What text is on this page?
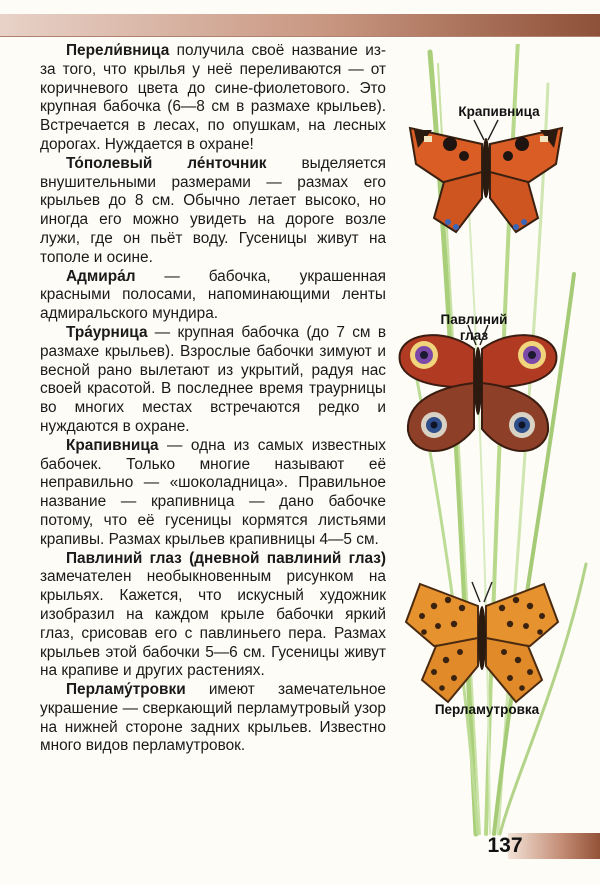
Перели́вница получила своё название из-за того, что крылья у неё переливаются — от коричневого цвета до сине-фиолетового. Это крупная бабочка (6—8 см в размахе крыльев). Встречается в лесах, по опушкам, на лесных дорогах. Нуждается в охране!

То́полевый ле́нточник выделяется внушительными размерами — размах его крыльев до 8 см. Обычно летает высоко, но иногда его можно увидеть на дороге возле лужи, где он пьёт воду. Гусеницы живут на тополе и осине.

Адмира́л — бабочка, украшенная красными полосами, напоминающими ленты адмиральского мундира.

Тра́урница — крупная бабочка (до 7 см в размахе крыльев). Взрослые бабочки зимуют и весной рано вылетают из укрытий, радуя нас своей красотой. В последнее время траурницы во многих местах встречаются редко и нуждаются в охране.

Крапивница — одна из самых известных бабочек. Только многие называют её неправильно — «шоколадница». Правильное название — крапивница — дано бабочке потому, что её гусеницы кормятся листьями крапивы. Размах крыльев крапивницы 4—5 см.

Павлиний глаз (дневной павлиний глаз) замечателен необыкновенным рисунком на крыльях. Кажется, что искусный художник изобразил на каждом крыле бабочки яркий глаз, срисовав его с павлиньего пера. Размах крыльев этой бабочки 5—6 см. Гусеницы живут на крапиве и других растениях.

Перламу́тровки имеют замечательное украшение — сверкающий перламутровый узор на нижней стороне задних крыльев. Известно много видов перламутровок.

Крапивница
Павлиний глаз
Перламутровка
137
